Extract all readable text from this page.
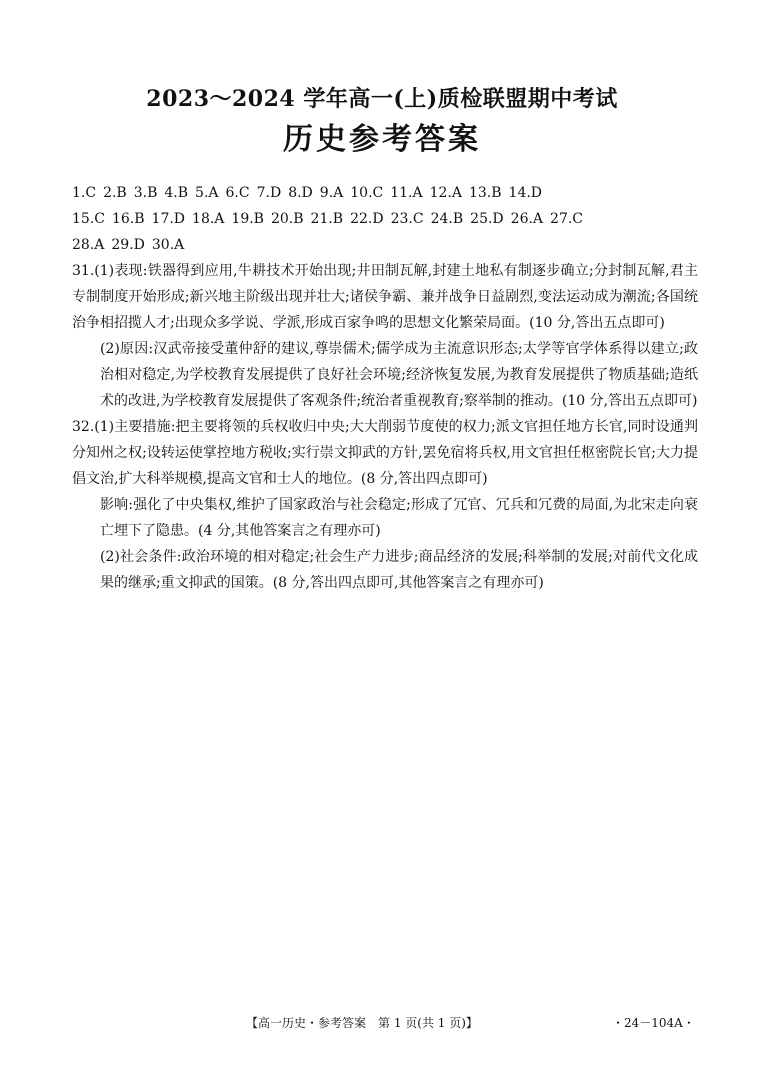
2023～2024 学年高一(上)质检联盟期中考试
历史参考答案
1.C 2.B 3.B 4.B 5.A 6.C 7.D 8.D 9.A 10.C 11.A 12.A 13.B 14.D
15.C 16.B 17.D 18.A 19.B 20.B 21.B 22.D 23.C 24.B 25.D 26.A 27.C
28.A 29.D 30.A

31.(1)表现:铁器得到应用,牛耕技术开始出现;井田制瓦解,封建土地私有制逐步确立;分封制瓦解,君主专制制度开始形成;新兴地主阶级出现并壮大;诸侯争霸、兼并战争日益剧烈,变法运动成为潮流;各国统治争相招揽人才;出现众多学说、学派,形成百家争鸣的思想文化繁荣局面。(10 分,答出五点即可)

(2)原因:汉武帝接受董仲舒的建议,尊崇儒术;儒学成为主流意识形态;太学等官学体系得以建立;政治相对稳定,为学校教育发展提供了良好社会环境;经济恢复发展,为教育发展提供了物质基础;造纸术的改进,为学校教育发展提供了客观条件;统治者重视教育;察举制的推动。(10 分,答出五点即可)

32.(1)主要措施:把主要将领的兵权收归中央;大大削弱节度使的权力;派文官担任地方长官,同时设通判分知州之权;设转运使掌控地方税收;实行崇文抑武的方针,罢免宿将兵权,用文官担任枢密院长官;大力提倡文治,扩大科举规模,提高文官和士人的地位。(8 分,答出四点即可)

影响:强化了中央集权,维护了国家政治与社会稳定;形成了冗官、冗兵和冗费的局面,为北宋走向衰亡埋下了隐患。(4 分,其他答案言之有理亦可)

(2)社会条件:政治环境的相对稳定;社会生产力进步;商品经济的发展;科举制的发展;对前代文化成果的继承;重文抑武的国策。(8 分,答出四点即可,其他答案言之有理亦可)

【高一历史・参考答案　第 1 页(共 1 页)】	・24－104A・
